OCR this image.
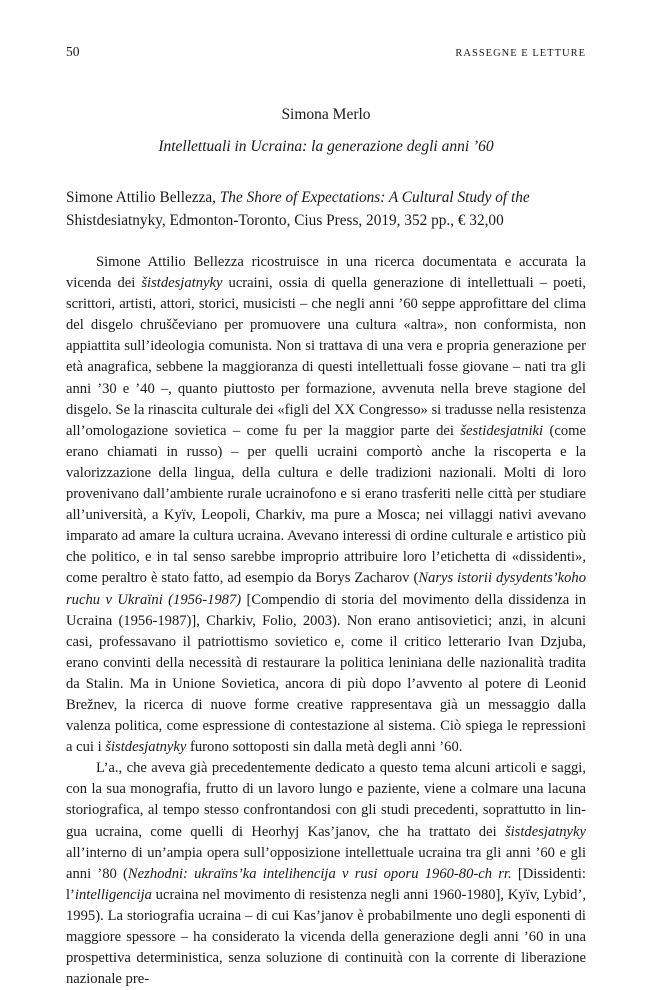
50	RASSEGNE E LETTURE
Simona Merlo
Intellettuali in Ucraina: la generazione degli anni ’60
Simone Attilio Bellezza, The Shore of Expectations: A Cultural Study of the Shistdesiatnyky, Edmonton-Toronto, Cius Press, 2019, 352 pp., € 32,00

Simone Attilio Bellezza ricostruisce in una ricerca documentata e accurata la vicenda dei šistdesjatnyky ucraini, ossia di quella generazione di intellettuali – poeti, scrittori, artisti, attori, storici, musicisti – che negli anni ’60 seppe approfittare del clima del disgelo chruščeviano per promuovere una cultura «altra», non conformista, non appiattita sull’ideologia comunista. Non si trattava di una vera e propria generazione per età anagrafica, sebbene la maggioranza di questi intellettuali fosse giovane – nati tra gli anni ’30 e ’40 –, quanto piuttosto per formazione, avvenuta nella breve stagione del disgelo. Se la rinascita culturale dei «figli del XX Congresso» si tradusse nella resistenza all’omologazione sovietica – come fu per la maggior parte dei šestidesjatniki (come erano chiamati in russo) – per quelli ucraini comportò anche la riscoperta e la valorizzazione della lingua, della cultura e delle tradizioni nazionali. Molti di loro provenivano dall’ambiente rurale ucrainofono e si erano trasferiti nelle città per studiare all’università, a Kyïv, Leopoli, Charkiv, ma pure a Mosca; nei villaggi nativi avevano imparato ad amare la cultura ucraina. Avevano interessi di ordine culturale e artistico più che politico, e in tal senso sarebbe improprio attribuire loro l’etichetta di «dissidenti», come peraltro è stato fatto, ad esempio da Borys Zacharov (Narys istorii dysydents’koho ruchu v Ukraïni (1956-1987) [Compendio di storia del movimento della dissidenza in Ucraina (1956-1987)], Charkiv, Folio, 2003). Non erano antisovietici; anzi, in alcuni casi, professavano il patriottismo sovietico e, come il critico letterario Ivan Dzjuba, erano convinti della necessità di restaurare la politica leniniana delle nazionalità tradita da Stalin. Ma in Unione Sovietica, ancora di più dopo l’avvento al potere di Leonid Brežnev, la ricerca di nuove forme creative rappresentava già un messaggio dalla valenza politica, come espressione di contestazione al sistema. Ciò spiega le repressioni a cui i šistdesjatnyky furono sottoposti sin dalla metà degli anni ’60.

L’a., che aveva già precedentemente dedicato a questo tema alcuni articoli e saggi, con la sua monografia, frutto di un lavoro lungo e paziente, viene a colmare una lacuna storiografica, al tempo stesso confrontandosi con gli studi precedenti, soprattutto in lingua ucraina, come quelli di Heorhyj Kas’janov, che ha trattato dei šistdesjatnyky all’interno di un’ampia opera sull’opposizione intellettuale ucraina tra gli anni ’60 e gli anni ’80 (Nezhodni: ukraïns’ka intelihencija v rusi oporu 1960-80-ch rr. [Dissidenti: l’intelligencija ucraina nel movimento di resistenza negli anni 1960-1980], Kyïv, Lybid’, 1995). La storiografia ucraina – di cui Kas’janov è probabilmente uno degli esponenti di maggiore spessore – ha considerato la vicenda della generazione degli anni ’60 in una prospettiva deterministica, senza soluzione di continuità con la corrente di liberazione nazionale pre-
